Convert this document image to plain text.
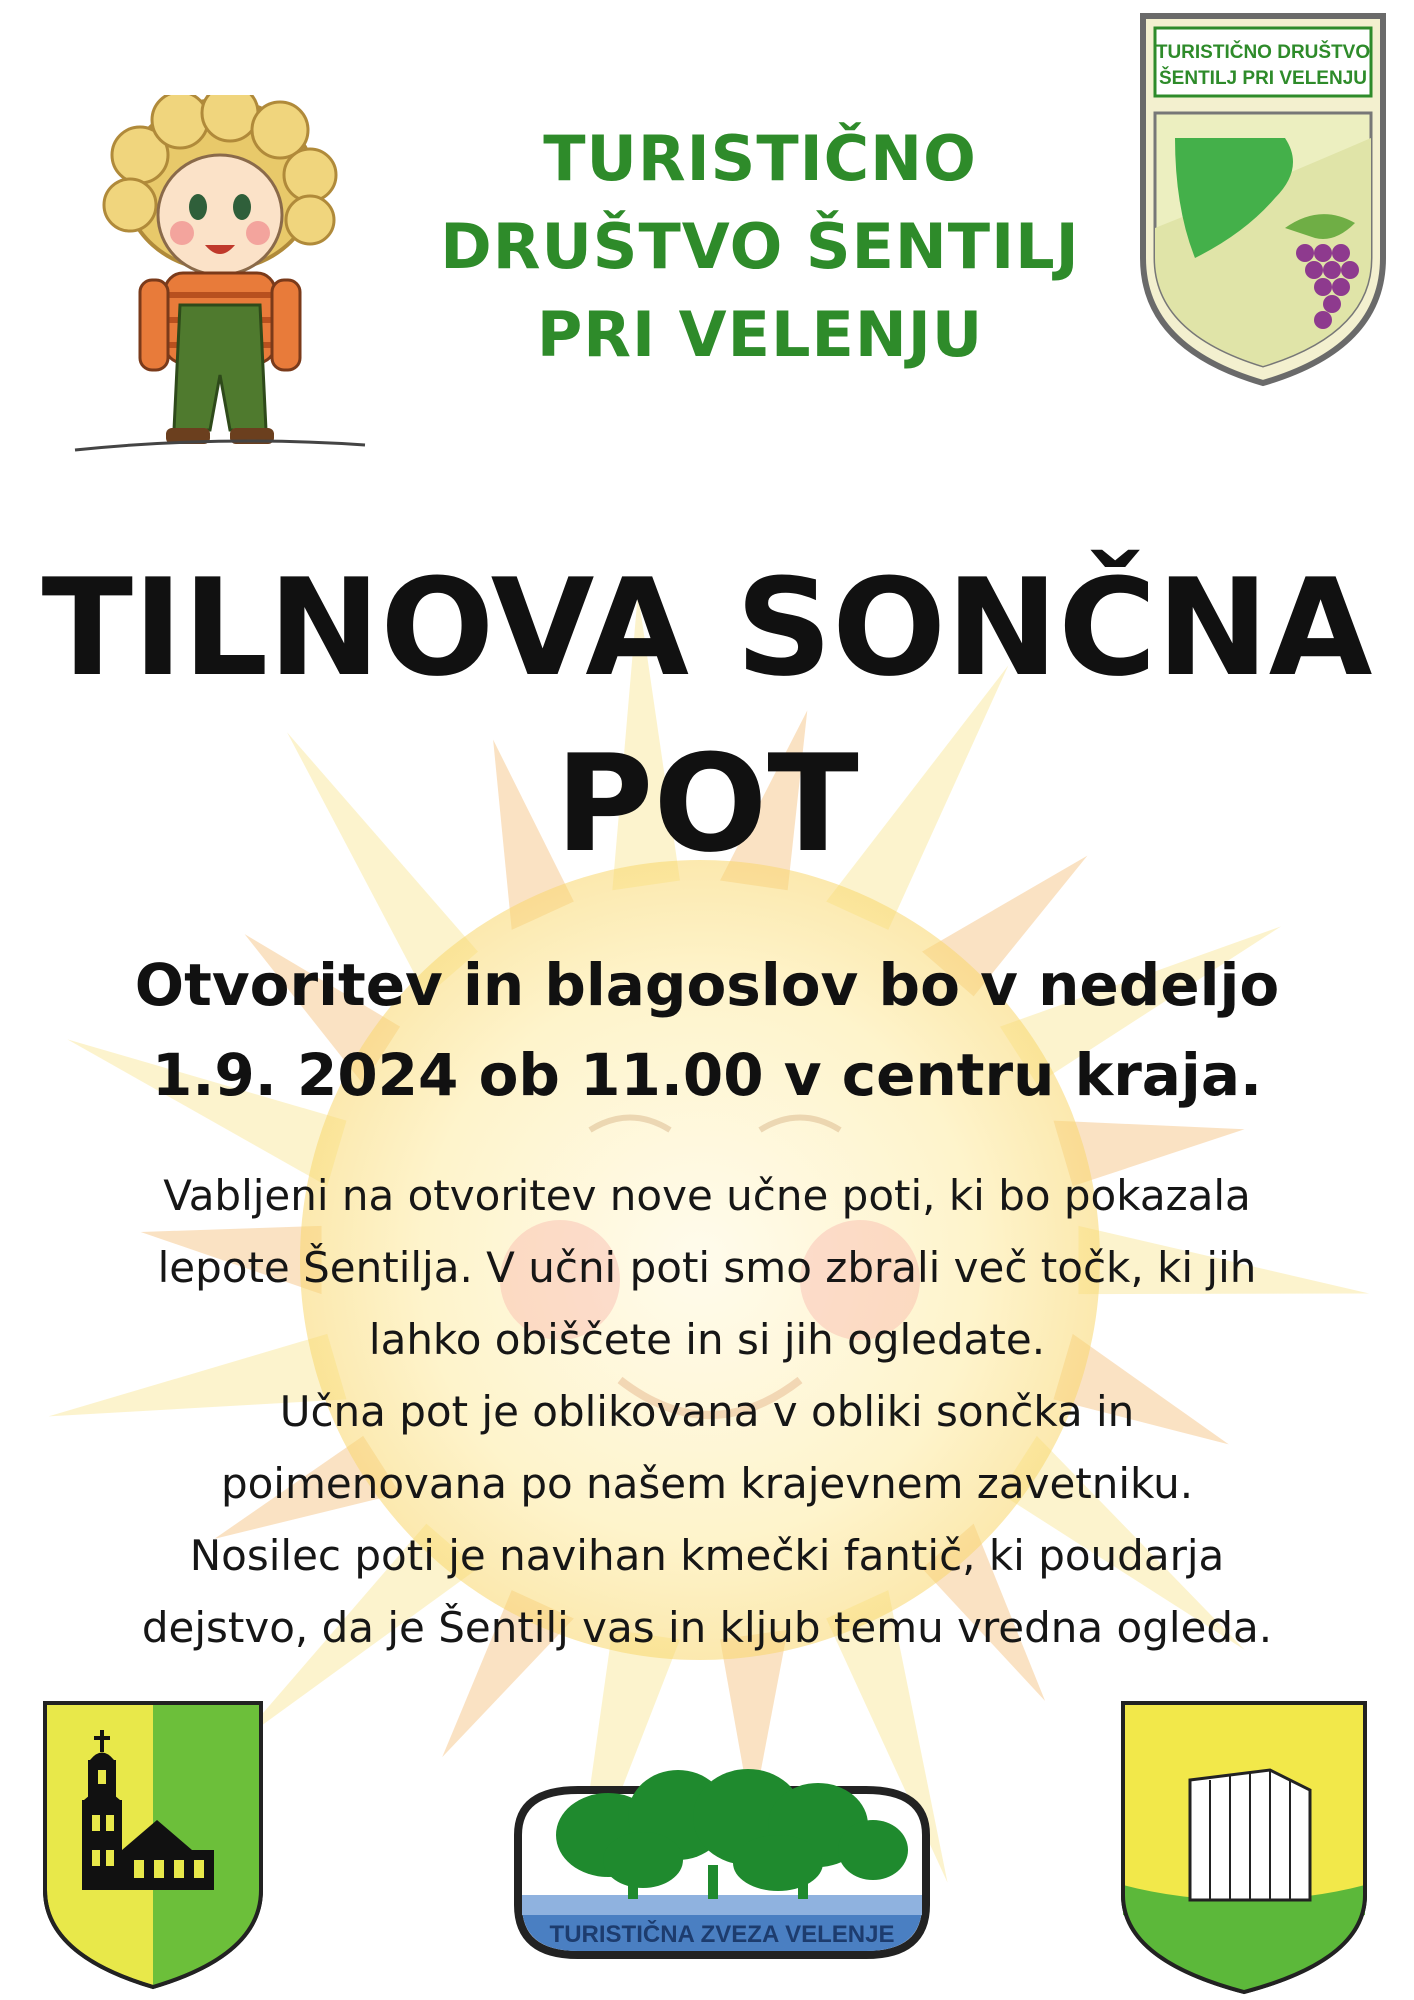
TURISTIČNO
DRUŠTVO ŠENTILJ
PRI VELENJU
TURISTIČNO DRUŠTVO
ŠENTILJ PRI VELENJU
TILNOVA SONČNA
POT
Otvoritev in blagoslov bo v nedeljo
1.9. 2024 ob 11.00 v centru kraja.
Vabljeni na otvoritev nove učne poti, ki bo pokazala
lepote Šentilja. V učni poti smo zbrali več točk, ki jih
lahko obiščete in si jih ogledate.
Učna pot je oblikovana v obliki sončka in
poimenovana po našem krajevnem zavetniku.
Nosilec poti je navihan kmečki fantič, ki poudarja
dejstvo, da je Šentilj vas in kljub temu vredna ogleda.
TURISTIČNA ZVEZA VELENJE
